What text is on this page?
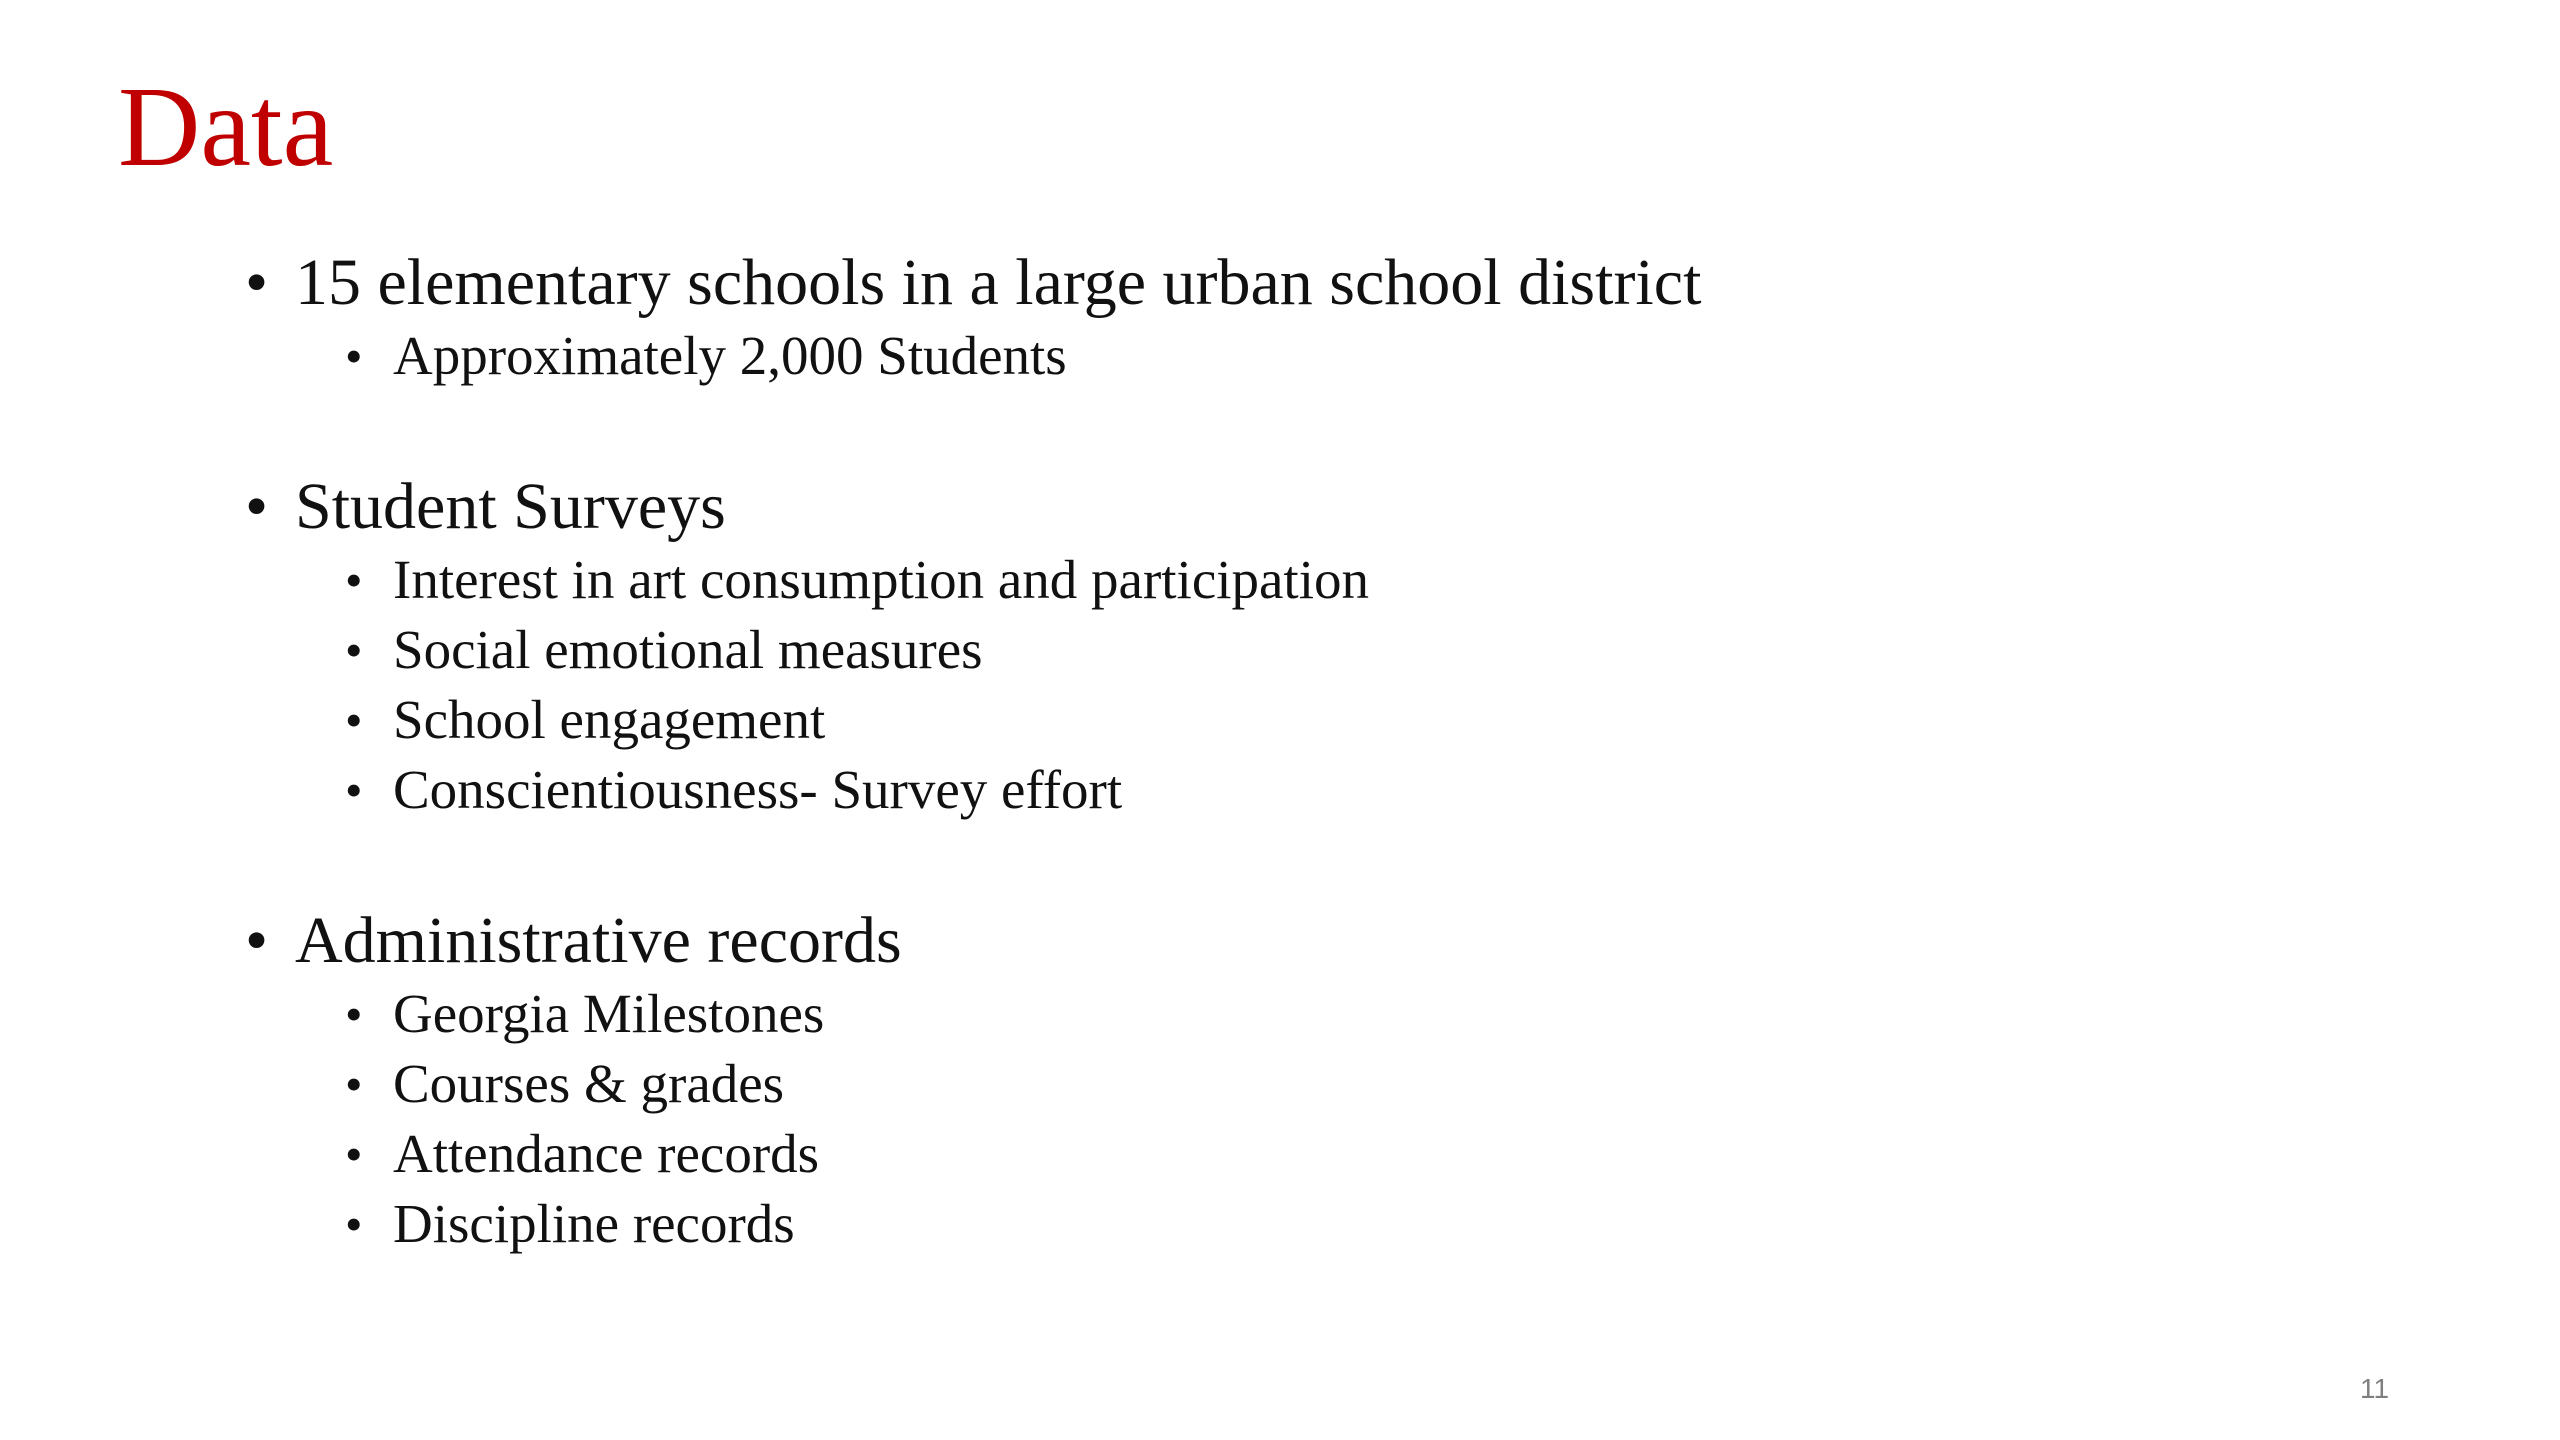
Data
• 15 elementary schools in a large urban school district
• Approximately 2,000 Students
• Student Surveys
• Interest in art consumption and participation
• Social emotional measures
• School engagement
• Conscientiousness- Survey effort
• Administrative records
• Georgia Milestones
• Courses & grades
• Attendance records
• Discipline records
11
